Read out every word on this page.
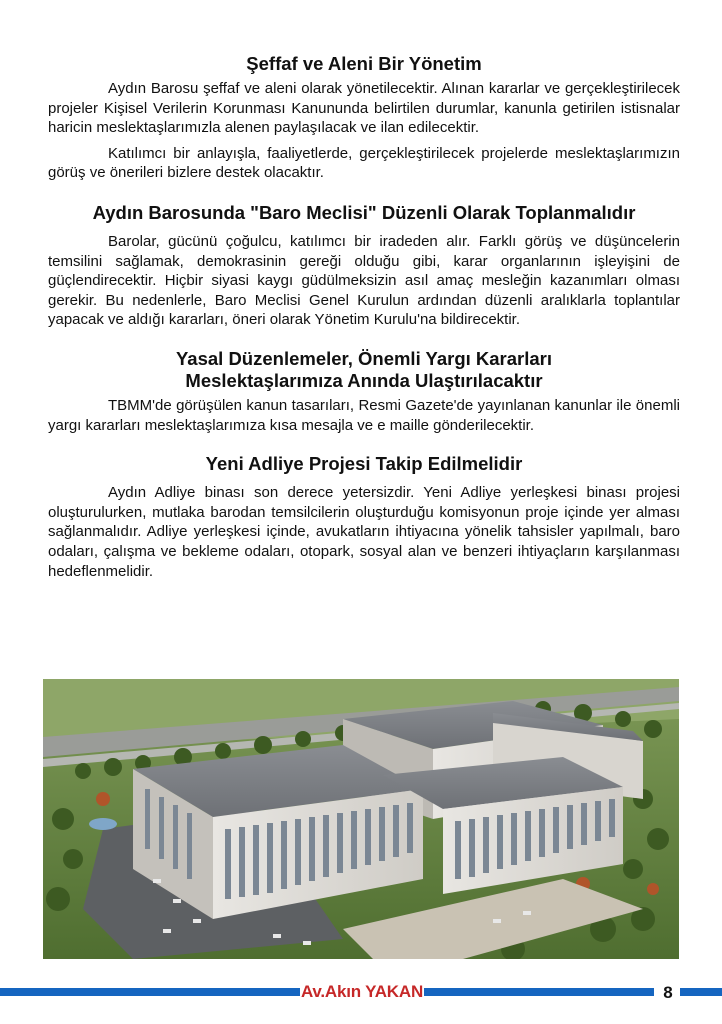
Şeffaf ve Aleni Bir Yönetim

Aydın Barosu şeffaf ve aleni olarak yönetilecektir. Alınan kararlar ve gerçekleştirilecek projeler Kişisel Verilerin Korunması Kanununda belirtilen durumlar, kanunla getirilen istisnalar haricin meslektaşlarımızla alenen paylaşılacak ve ilan edilecektir.

Katılımcı bir anlayışla, faaliyetlerde, gerçekleştirilecek projelerde meslektaşlarımızın görüş ve önerileri bizlere destek olacaktır.

Aydın Barosunda "Baro Meclisi" Düzenli Olarak Toplanmalıdır

Barolar, gücünü çoğulcu, katılımcı bir iradeden alır. Farklı görüş ve düşüncelerin temsilini sağlamak, demokrasinin gereği olduğu gibi, karar organlarının işleyişini de güçlendirecektir. Hiçbir siyasi kaygı güdülmeksizin asıl amaç mesleğin kazanımları olması gerekir. Bu nedenlerle, Baro Meclisi Genel Kurulun ardından düzenli aralıklarla toplantılar yapacak ve aldığı kararları, öneri olarak Yönetim Kurulu'na bildirecektir.

Yasal Düzenlemeler, Önemli Yargı Kararları
Meslektaşlarımıza Anında Ulaştırılacaktır

TBMM'de görüşülen kanun tasarıları, Resmi Gazete'de yayınlanan kanunlar ile önemli yargı kararları meslektaşlarımıza kısa mesajla ve e maille gönderilecektir.

Yeni Adliye Projesi Takip Edilmelidir

Aydın Adliye binası son derece yetersizdir. Yeni Adliye yerleşkesi binası projesi oluşturulurken, mutlaka barodan temsilcilerin oluşturduğu komisyonun proje içinde yer alması sağlanmalıdır. Adliye yerleşkesi içinde, avukatların ihtiyacına yönelik tahsisler yapılmalı, baro odaları, çalışma ve bekleme odaları, otopark, sosyal alan ve benzeri ihtiyaçların karşılanması hedeflenmelidir.

Av.Akın YAKAN	8
